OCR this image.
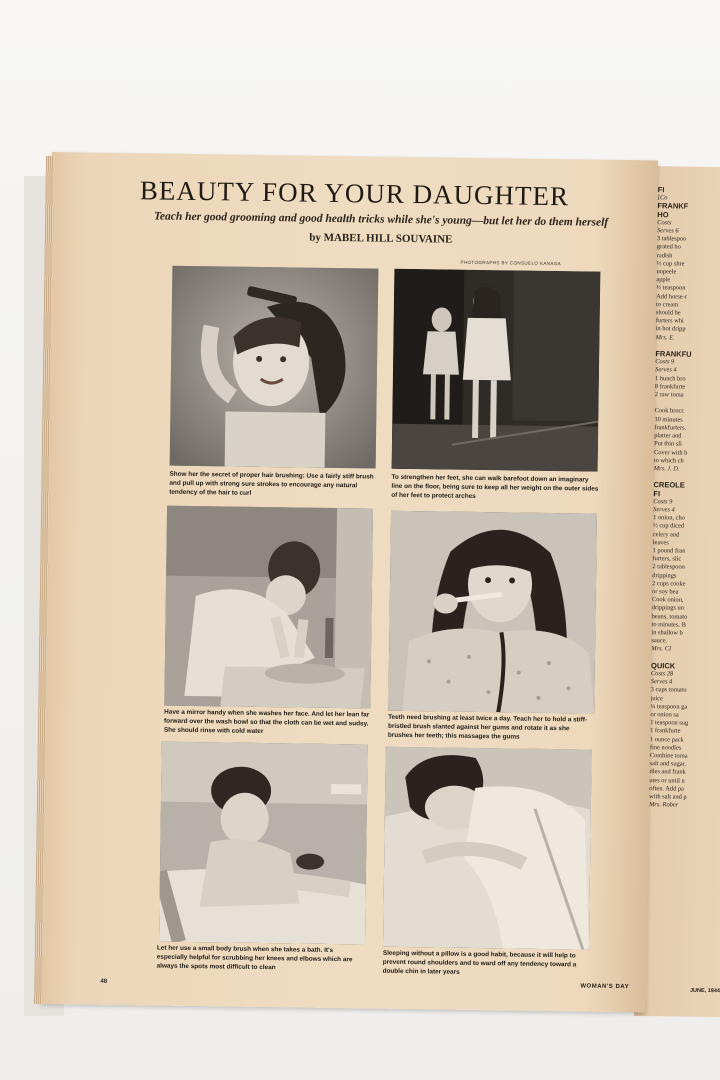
FI
[Co
FRANKF
HO
Costs
Serves 6
3 tablespoo
grated ho
radish
½ cup shre
unpeele
apple
½ teaspoon
Add horse-r
to cream
should be
furters whi
in hot dripp
Mrs. E.

FRANKFU
Costs 9
Serves 4
1 bunch bro
8 frankfurte
2 raw toma

Cook brocc
10 minutes
frankfurters.
platter and
Put thin sli
Cover with b
to which ch
Mrs. J. D.

CREOLE
FI
Costs 9
Serves 4
1 onion, cho
½ cup diced
celery and
leaves
1 pound fran
furters, slic
2 tablespoon
drippings
2 cups cooke
or soy bea
Cook onion,
drippings un
beans, tomato
to minutes. B
in shallow b
sauce.
Mrs. CI

QUICK
Costs 28
Serves 4
3 cups tomato
juice
¼ teaspoon ga
or onion sa
1 teaspoon sug
1 frankfurte
1 ounce pack
fine noodles
Combine toma
salt and sugar.
dles and frank
utes or until n
often. Add pa
with salt and p
Mrs. Rober
BEAUTY FOR YOUR DAUGHTER
Teach her good grooming and good health tricks while she's young—but let her do them herself
by MABEL HILL SOUVAINE
PHOTOGRAPHS BY CONSUELO KANAGA
Show her the secret of proper hair brushing: Use a fairly stiff brush and pull up with strong sure strokes to encourage any natural tendency of the hair to curl
To strengthen her feet, she can walk barefoot down an imaginary line on the floor, being sure to keep all her weight on the outer sides of her feet to protect arches
Have a mirror handy when she washes her face. And let her lean far forward over the wash bowl so that the cloth can be wet and sudsy. She should rinse with cold water
Teeth need brushing at least twice a day. Teach her to hold a stiff-bristled brush slanted against her gums and rotate it as she brushes her teeth; this massages the gums
Let her use a small body brush when she takes a bath. It's especially helpful for scrubbing her knees and elbows which are always the spots most difficult to clean
Sleeping without a pillow is a good habit, because it will help to prevent round shoulders and to ward off any tendency toward a double chin in later years
48
WOMAN'S DAY
JUNE, 1944
